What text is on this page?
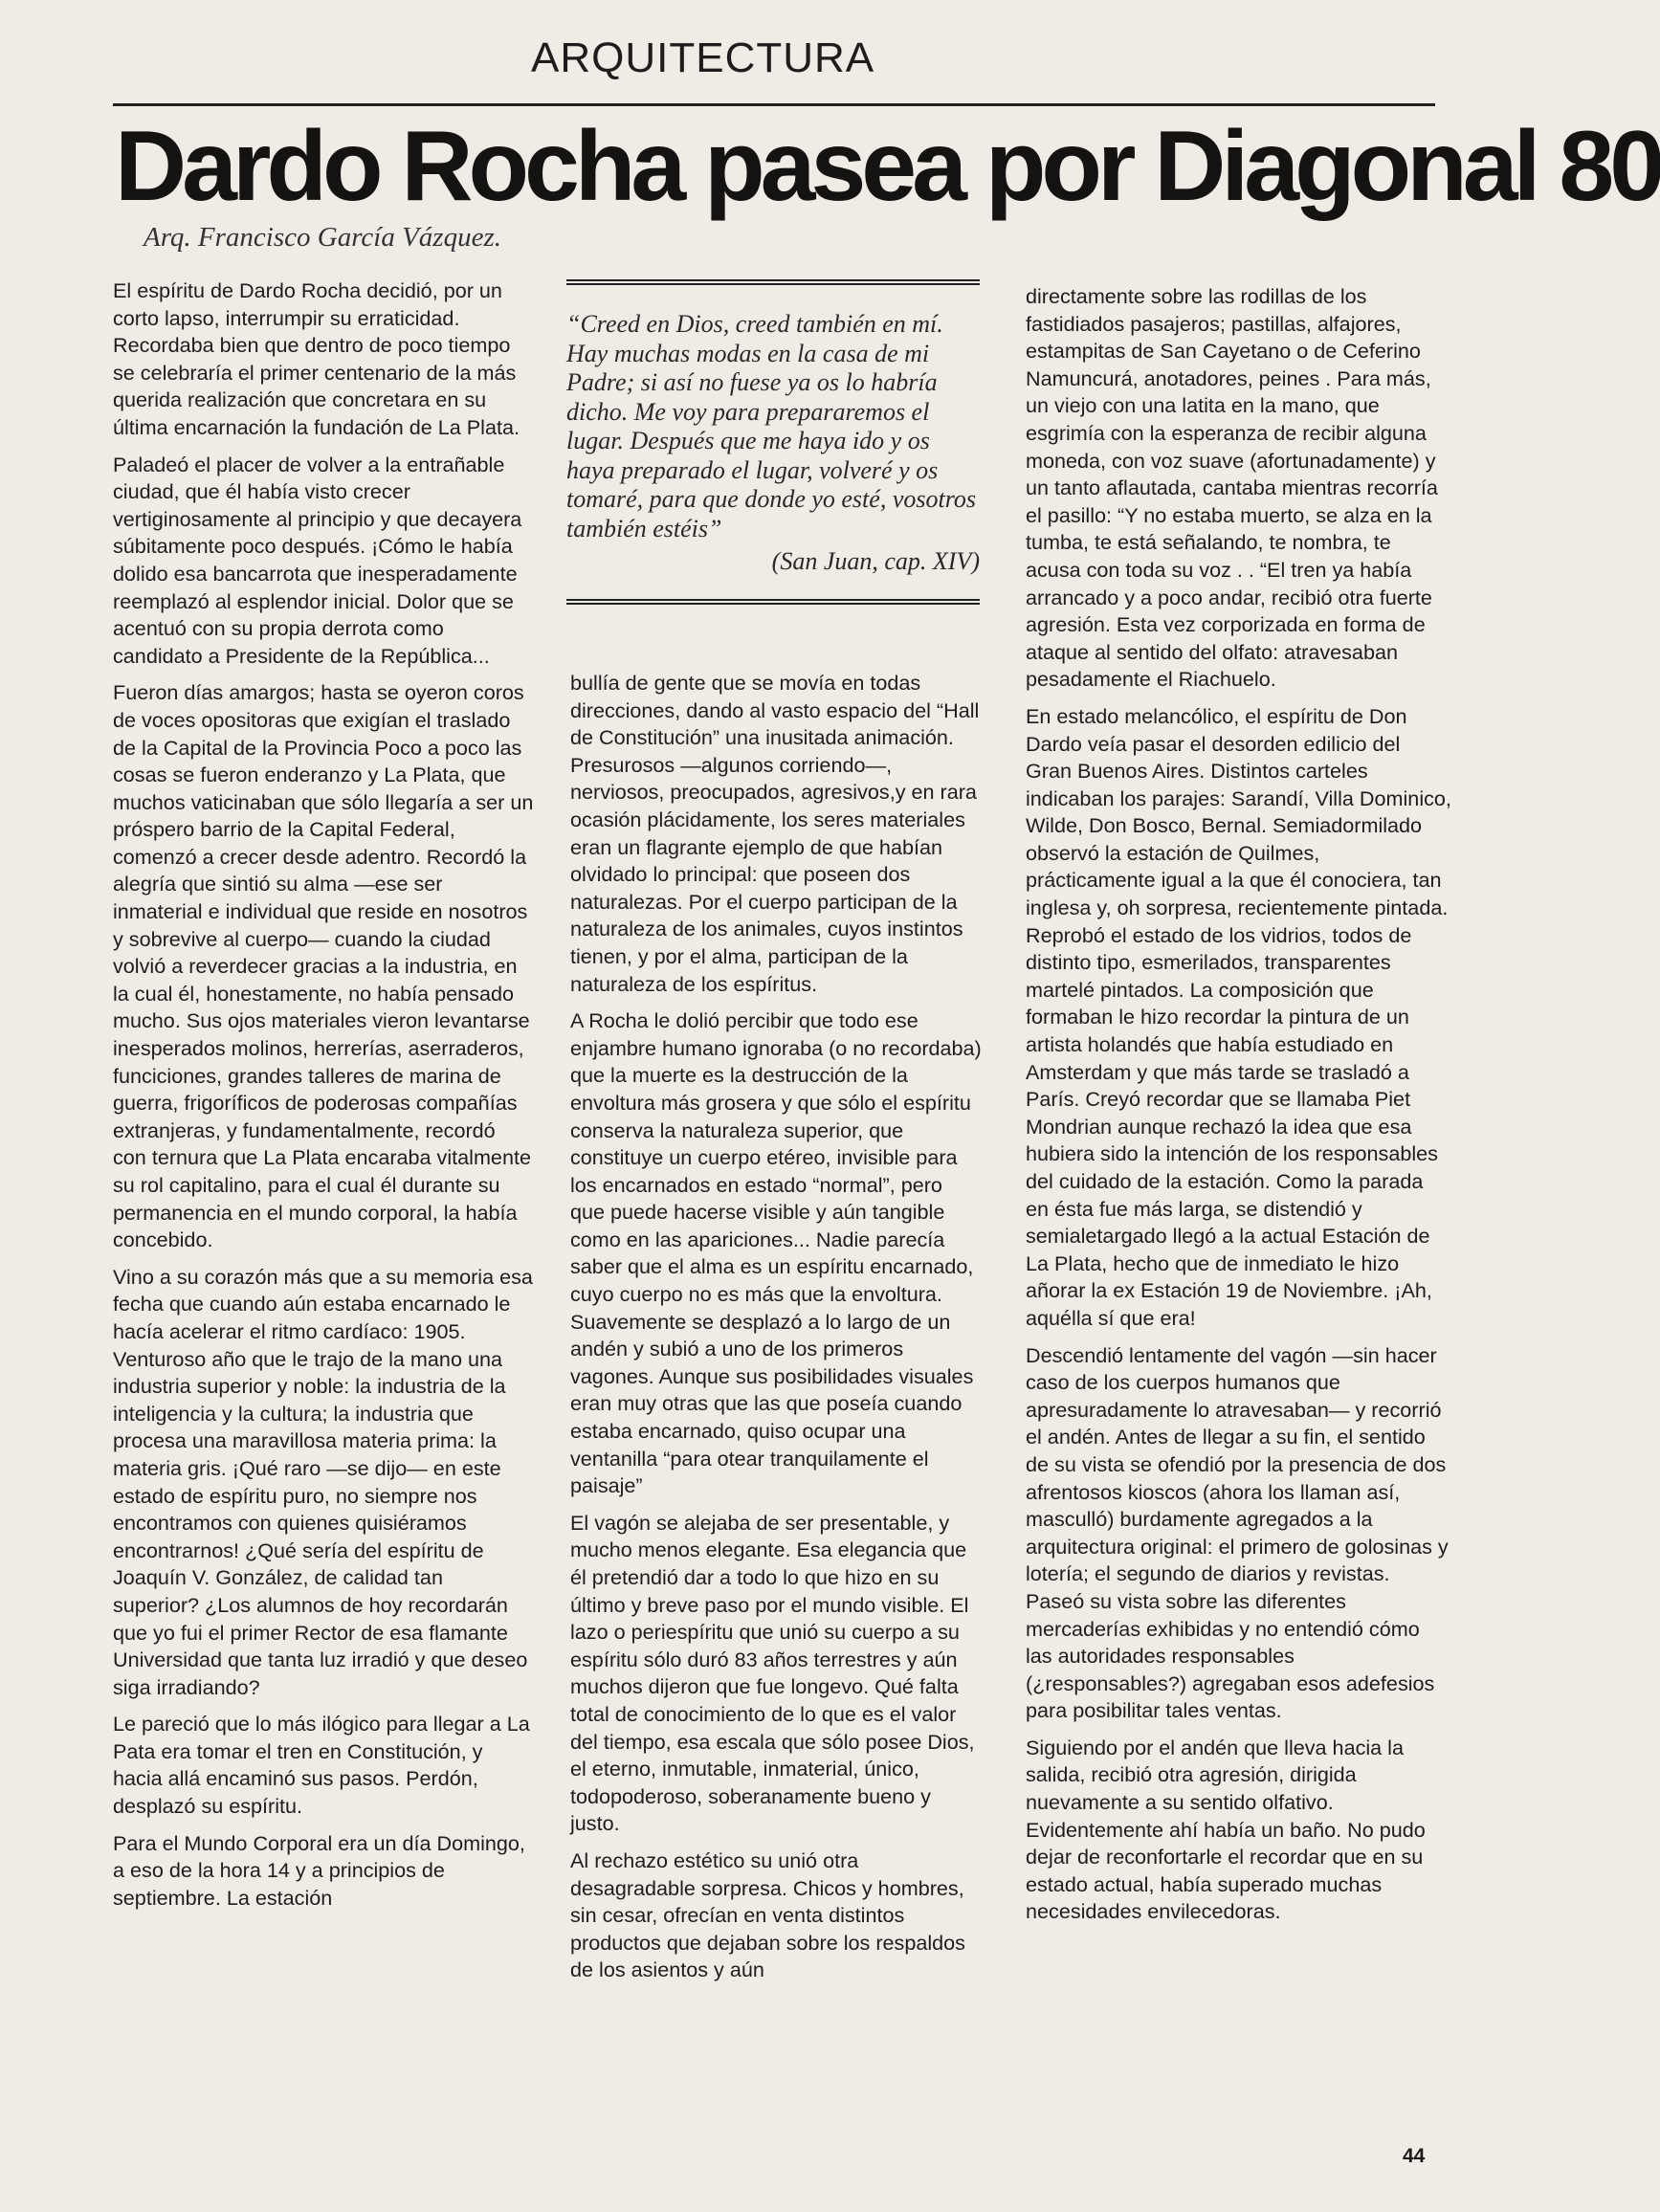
ARQUITECTURA
Dardo Rocha pasea por Diagonal 80
Arq. Francisco García Vázquez.

El espíritu de Dardo Rocha decidió, por un corto lapso, interrumpir su erraticidad. Recordaba bien que dentro de poco tiempo se celebraría el primer centenario de la más querida realización que concretara en su última encarnación la fundación de La Plata.

Paladeó el placer de volver a la entrañable ciudad, que él había visto crecer vertiginosamente al principio y que decayera súbitamente poco después. ¡Cómo le había dolido esa bancarrota que inesperadamente reemplazó al esplendor inicial. Dolor que se acentuó con su propia derrota como candidato a Presidente de la República...

Fueron días amargos; hasta se oyeron coros de voces opositoras que exigían el traslado de la Capital de la Provincia Poco a poco las cosas se fueron enderanzo y La Plata, que muchos vaticinaban que sólo llegaría a ser un próspero barrio de la Capital Federal, comenzó a crecer desde adentro. Recordó la alegría que sintió su alma —ese ser inmaterial e individual que reside en nosotros y sobrevive al cuerpo— cuando la ciudad volvió a reverdecer gracias a la industria, en la cual él, honestamente, no había pensado mucho. Sus ojos materiales vieron levantarse inesperados molinos, herrerías, aserraderos, funciciones, grandes talleres de marina de guerra, frigoríficos de poderosas compañías extranjeras, y fundamentalmente, recordó con ternura que La Plata encaraba vitalmente su rol capitalino, para el cual él durante su permanencia en el mundo corporal, la había concebido.

Vino a su corazón más que a su memoria esa fecha que cuando aún estaba encarnado le hacía acelerar el ritmo cardíaco: 1905. Venturoso año que le trajo de la mano una industria superior y noble: la industria de la inteligencia y la cultura; la industria que procesa una maravillosa materia prima: la materia gris. ¡Qué raro —se dijo— en este estado de espíritu puro, no siempre nos encontramos con quienes quisiéramos encontrarnos! ¿Qué sería del espíritu de Joaquín V. González, de calidad tan superior? ¿Los alumnos de hoy recordarán que yo fui el primer Rector de esa flamante Universidad que tanta luz irradió y que deseo siga irradiando?

Le pareció que lo más ilógico para llegar a La Pata era tomar el tren en Constitución, y hacia allá encaminó sus pasos. Perdón, desplazó su espíritu.

Para el Mundo Corporal era un día Domingo, a eso de la hora 14 y a principios de septiembre. La estación

“Creed en Dios, creed también en mí. Hay muchas modas en la casa de mi Padre; si así no fuese ya os lo habría dicho. Me voy para prepararemos el lugar. Después que me haya ido y os haya preparado el lugar, volveré y os tomaré, para que donde yo esté, vosotros también estéis”

(San Juan, cap. XIV)

bullía de gente que se movía en todas direcciones, dando al vasto espacio del “Hall de Constitución” una inusitada animación. Presurosos —algunos corriendo—, nerviosos, preocupados, agresivos,y en rara ocasión plácidamente, los seres materiales eran un flagrante ejemplo de que habían olvidado lo principal: que poseen dos naturalezas. Por el cuerpo participan de la naturaleza de los animales, cuyos instintos tienen, y por el alma, participan de la naturaleza de los espíritus.

A Rocha le dolió percibir que todo ese enjambre humano ignoraba (o no recordaba) que la muerte es la destrucción de la envoltura más grosera y que sólo el espíritu conserva la naturaleza superior, que constituye un cuerpo etéreo, invisible para los encarnados en estado “normal”, pero que puede hacerse visible y aún tangible como en las apariciones... Nadie parecía saber que el alma es un espíritu encarnado, cuyo cuerpo no es más que la envoltura. Suavemente se desplazó a lo largo de un andén y subió a uno de los primeros vagones. Aunque sus posibilidades visuales eran muy otras que las que poseía cuando estaba encarnado, quiso ocupar una ventanilla “para otear tranquilamente el paisaje”

El vagón se alejaba de ser presentable, y mucho menos elegante. Esa elegancia que él pretendió dar a todo lo que hizo en su último y breve paso por el mundo visible. El lazo o periespíritu que unió su cuerpo a su espíritu sólo duró 83 años terrestres y aún muchos dijeron que fue longevo. Qué falta total de conocimiento de lo que es el valor del tiempo, esa escala que sólo posee Dios, el eterno, inmutable, inmaterial, único, todopoderoso, soberanamente bueno y justo.

Al rechazo estético su unió otra desagradable sorpresa. Chicos y hombres, sin cesar, ofrecían en venta distintos productos que dejaban sobre los respaldos de los asientos y aún

directamente sobre las rodillas de los fastidiados pasajeros; pastillas, alfajores, estampitas de San Cayetano o de Ceferino Namuncurá, anotadores, peines . Para más, un viejo con una latita en la mano, que esgrimía con la esperanza de recibir alguna moneda, con voz suave (afortunadamente) y un tanto aflautada, cantaba mientras recorría el pasillo: “Y no estaba muerto, se alza en la tumba, te está señalando, te nombra, te acusa con toda su voz . . “El tren ya había arrancado y a poco andar, recibió otra fuerte agresión. Esta vez corporizada en forma de ataque al sentido del olfato: atravesaban pesadamente el Riachuelo.

En estado melancólico, el espíritu de Don Dardo veía pasar el desorden edilicio del Gran Buenos Aires. Distintos carteles indicaban los parajes: Sarandí, Villa Dominico, Wilde, Don Bosco, Bernal. Semiadormilado observó la estación de Quilmes, prácticamente igual a la que él conociera, tan inglesa y, oh sorpresa, recientemente pintada. Reprobó el estado de los vidrios, todos de distinto tipo, esmerilados, transparentes martelé pintados. La composición que formaban le hizo recordar la pintura de un artista holandés que había estudiado en Amsterdam y que más tarde se trasladó a París. Creyó recordar que se llamaba Piet Mondrian aunque rechazó la idea que esa hubiera sido la intención de los responsables del cuidado de la estación. Como la parada en ésta fue más larga, se distendió y semialetargado llegó a la actual Estación de La Plata, hecho que de inmediato le hizo añorar la ex Estación 19 de Noviembre. ¡Ah, aquélla sí que era!

Descendió lentamente del vagón —sin hacer caso de los cuerpos humanos que apresuradamente lo atravesaban— y recorrió el andén. Antes de llegar a su fin, el sentido de su vista se ofendió por la presencia de dos afrentosos kioscos (ahora los llaman así, masculló) burdamente agregados a la arquitectura original: el primero de golosinas y lotería; el segundo de diarios y revistas. Paseó su vista sobre las diferentes mercaderías exhibidas y no entendió cómo las autoridades responsables (¿responsables?) agregaban esos adefesios para posibilitar tales ventas.

Siguiendo por el andén que lleva hacia la salida, recibió otra agresión, dirigida nuevamente a su sentido olfativo. Evidentemente ahí había un baño. No pudo dejar de reconfortarle el recordar que en su estado actual, había superado muchas necesidades envilecedoras.

44
